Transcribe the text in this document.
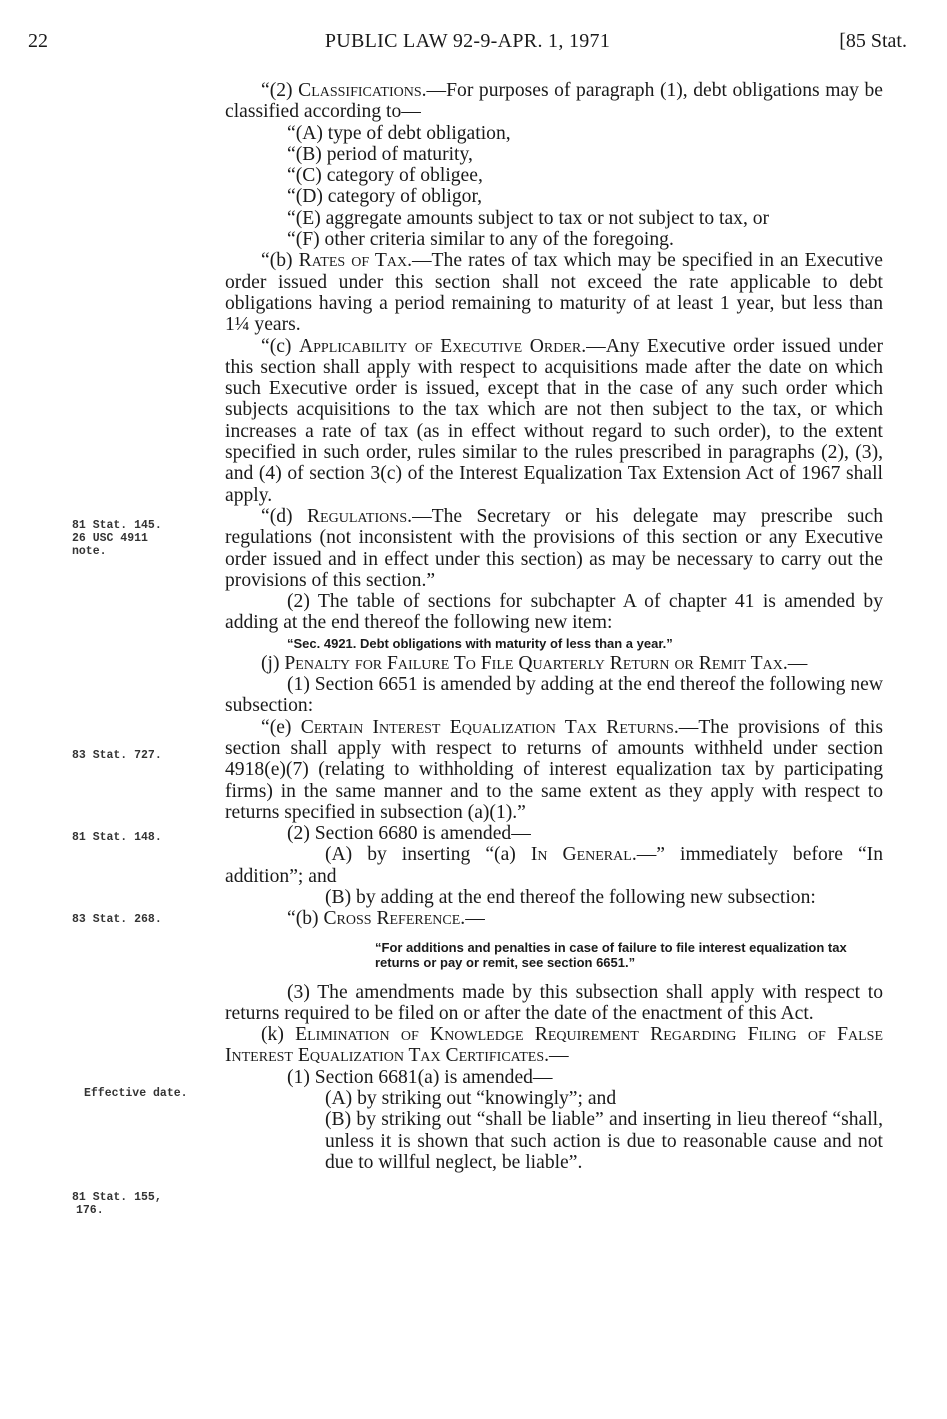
22	PUBLIC LAW 92-9-APR. 1, 1971	[85 Stat.
81 Stat. 145.
26 USC 4911
note.
83 Stat. 727.
81 Stat. 148.
83 Stat. 268.
Effective date.
81 Stat. 155,
176.

“(2) Classifications.—For purposes of paragraph (1), debt obligations may be classified according to—

“(A) type of debt obligation,

“(B) period of maturity,

“(C) category of obligee,

“(D) category of obligor,

“(E) aggregate amounts subject to tax or not subject to tax, or

“(F) other criteria similar to any of the foregoing.

“(b) Rates of Tax.—The rates of tax which may be specified in an Executive order issued under this section shall not exceed the rate applicable to debt obligations having a period remaining to maturity of at least 1 year, but less than 1¼ years.

“(c) Applicability of Executive Order.—Any Executive order issued under this section shall apply with respect to acquisitions made after the date on which such Executive order is issued, except that in the case of any such order which subjects acquisitions to the tax which are not then subject to the tax, or which increases a rate of tax (as in effect without regard to such order), to the extent specified in such order, rules similar to the rules prescribed in paragraphs (2), (3), and (4) of section 3(c) of the Interest Equalization Tax Extension Act of 1967 shall apply.

“(d) Regulations.—The Secretary or his delegate may prescribe such regulations (not inconsistent with the provisions of this section or any Executive order issued and in effect under this section) as may be necessary to carry out the provisions of this section.”

(2) The table of sections for subchapter A of chapter 41 is amended by adding at the end thereof the following new item:

“Sec. 4921. Debt obligations with maturity of less than a year.”

(j) Penalty for Failure To File Quarterly Return or Remit Tax.—

(1) Section 6651 is amended by adding at the end thereof the following new subsection:

“(e) Certain Interest Equalization Tax Returns.—The provisions of this section shall apply with respect to returns of amounts withheld under section 4918(e)(7) (relating to withholding of interest equalization tax by participating firms) in the same manner and to the same extent as they apply with respect to returns specified in subsection (a)(1).”

(2) Section 6680 is amended—

(A) by inserting “(a) In General.—” immediately before “In addition”; and

(B) by adding at the end thereof the following new subsection:

“(b) Cross Reference.—

“For additions and penalties in case of failure to file interest equalization tax returns or pay or remit, see section 6651.”

(3) The amendments made by this subsection shall apply with respect to returns required to be filed on or after the date of the enactment of this Act.

(k) Elimination of Knowledge Requirement Regarding Filing of False Interest Equalization Tax Certificates.—

(1) Section 6681(a) is amended—

(A) by striking out “knowingly”; and

(B) by striking out “shall be liable” and inserting in lieu thereof “shall, unless it is shown that such action is due to reasonable cause and not due to willful neglect, be liable”.
